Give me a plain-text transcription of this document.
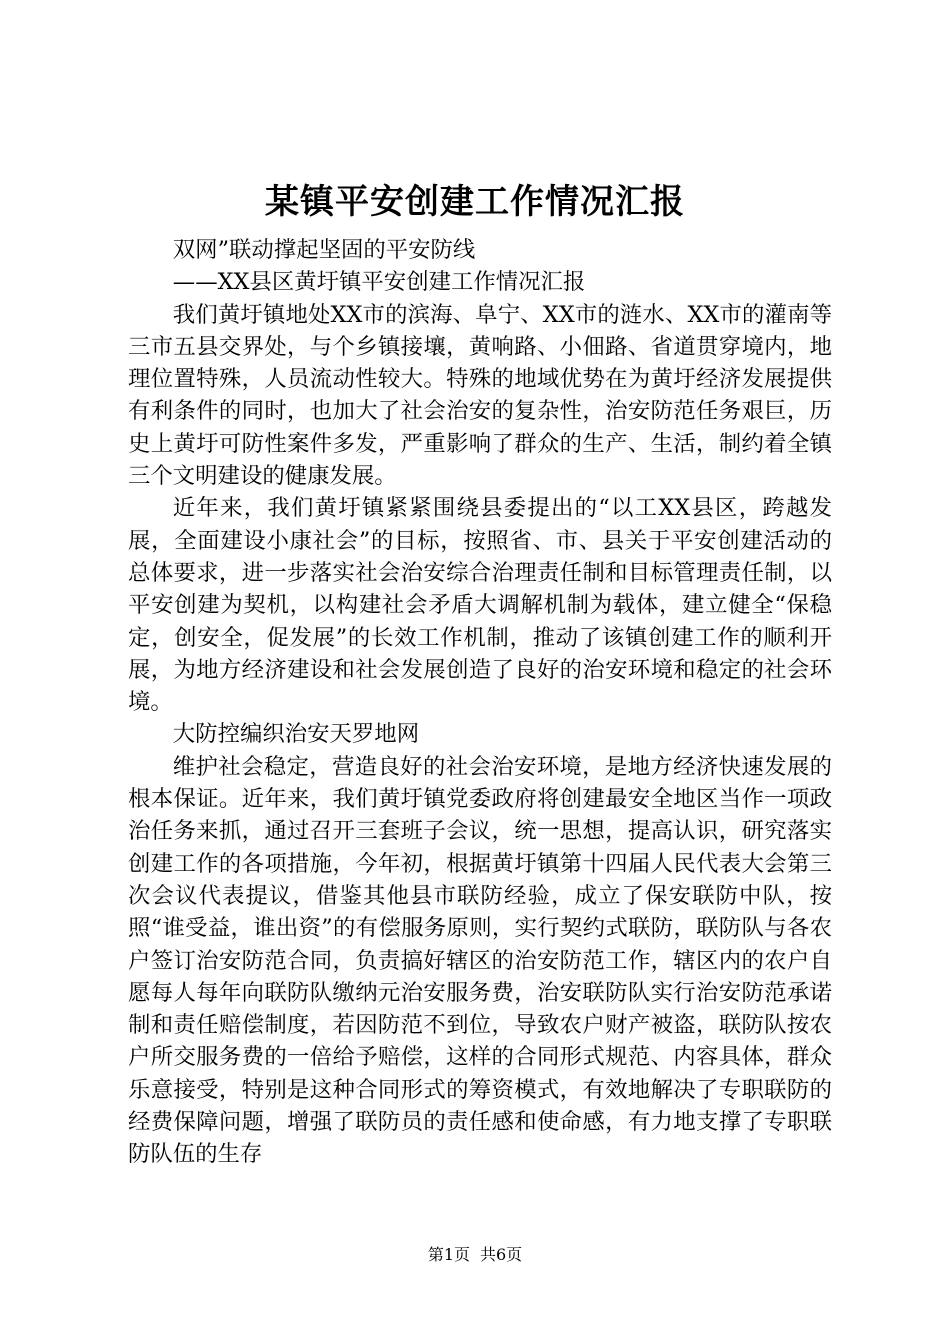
某镇平安创建工作情况汇报

双网”联动撑起坚固的平安防线

——XX县区黄圩镇平安创建工作情况汇报

我们黄圩镇地处XX市的滨海、阜宁、XX市的涟水、XX市的灌南等三市五县交界处，与个乡镇接壤，黄响路、小佃路、省道贯穿境内，地理位置特殊，人员流动性较大。特殊的地域优势在为黄圩经济发展提供有利条件的同时，也加大了社会治安的复杂性，治安防范任务艰巨，历史上黄圩可防性案件多发，严重影响了群众的生产、生活，制约着全镇三个文明建设的健康发展。

近年来，我们黄圩镇紧紧围绕县委提出的“以工XX县区，跨越发展，全面建设小康社会”的目标，按照省、市、县关于平安创建活动的总体要求，进一步落实社会治安综合治理责任制和目标管理责任制，以平安创建为契机，以构建社会矛盾大调解机制为载体，建立健全“保稳定，创安全，促发展”的长效工作机制，推动了该镇创建工作的顺利开展，为地方经济建设和社会发展创造了良好的治安环境和稳定的社会环境。

大防控编织治安天罗地网

维护社会稳定，营造良好的社会治安环境，是地方经济快速发展的根本保证。近年来，我们黄圩镇党委政府将创建最安全地区当作一项政治任务来抓，通过召开三套班子会议，统一思想，提高认识，研究落实创建工作的各项措施，今年初，根据黄圩镇第十四届人民代表大会第三次会议代表提议，借鉴其他县市联防经验，成立了保安联防中队，按照“谁受益，谁出资”的有偿服务原则，实行契约式联防，联防队与各农户签订治安防范合同，负责搞好辖区的治安防范工作，辖区内的农户自愿每人每年向联防队缴纳元治安服务费，治安联防队实行治安防范承诺制和责任赔偿制度，若因防范不到位，导致农户财产被盗，联防队按农户所交服务费的一倍给予赔偿，这样的合同形式规范、内容具体，群众乐意接受，特别是这种合同形式的筹资模式，有效地解决了专职联防的经费保障问题，增强了联防员的责任感和使命感，有力地支撑了专职联防队伍的生存

第1页 共6页
